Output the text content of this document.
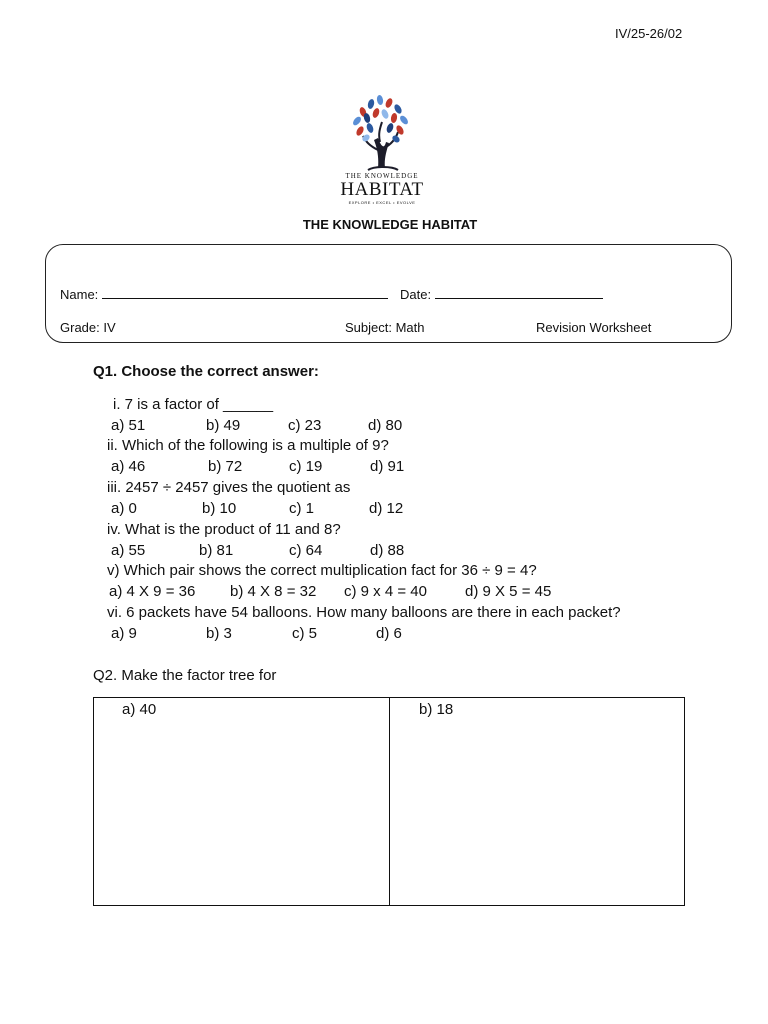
IV/25-26/02
THE KNOWLEDGE
HABITAT
EXPLORE • EXCEL • EVOLVE
THE KNOWLEDGE HABITAT
Name:	Date:
Grade: IV	Subject: Math	Revision Worksheet
Q1. Choose the correct answer:
i. 7 is a factor of ______
a) 51	b) 49	c) 23	d) 80
ii. Which of the following is a multiple of 9?
a) 46	b) 72	c) 19	d) 91
iii. 2457 ÷ 2457 gives the quotient as
a) 0	b) 10	c) 1	d) 12
iv. What is the product of 11 and 8?
a) 55	b) 81	c) 64	d) 88
v) Which pair shows the correct multiplication fact for 36 ÷ 9 = 4?
a) 4 X 9 = 36 b) 4 X 8 = 32 c) 9 x 4 = 40	d) 9 X 5 = 45
vi. 6 packets have 54 balloons. How many balloons are there in each packet?
a) 9	b) 3	c) 5	d) 6
Q2. Make the factor tree for
a) 40	b) 18
